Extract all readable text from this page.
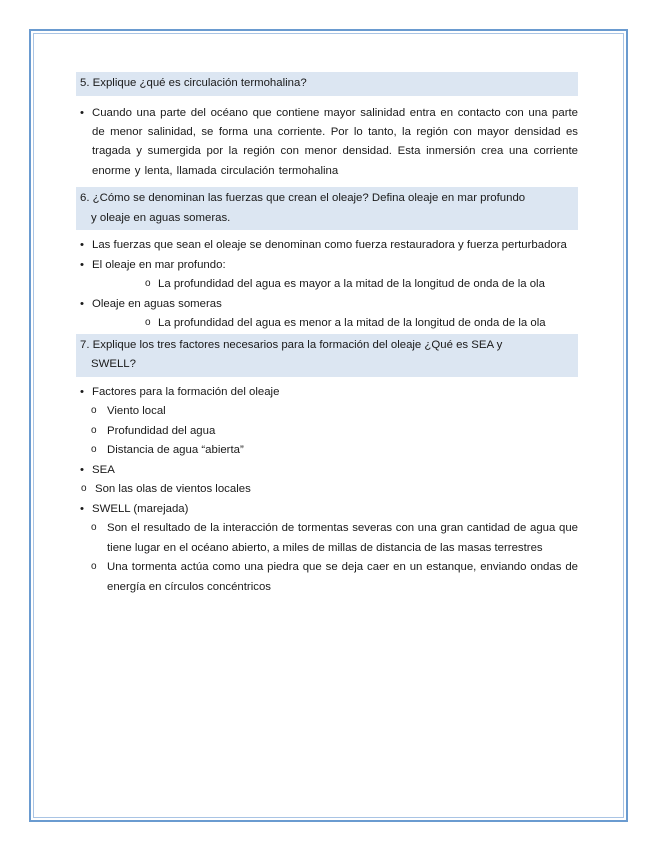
5. Explique ¿qué es circulación termohalina?
• Cuando una parte del océano que contiene mayor salinidad entra en contacto con una parte de menor salinidad, se forma una corriente. Por lo tanto, la región con mayor densidad es tragada y sumergida por la región con menor densidad. Esta inmersión crea una corriente enorme y lenta, llamada circulación termohalina
6. ¿Cómo se denominan las fuerzas que crean el oleaje? Defina oleaje en mar profundo
y oleaje en aguas someras.
• Las fuerzas que sean el oleaje se denominan como fuerza restauradora y fuerza perturbadora
• El oleaje en mar profundo:
o La profundidad del agua es mayor a la mitad de la longitud de onda de la ola
• Oleaje en aguas someras
o La profundidad del agua es menor a la mitad de la longitud de onda de la ola
7. Explique los tres factores necesarios para la formación del oleaje ¿Qué es SEA y
SWELL?
• Factores para la formación del oleaje
o Viento local
o Profundidad del agua
o Distancia de agua “abierta”
• SEA
o Son las olas de vientos locales
• SWELL (marejada)
o Son el resultado de la interacción de tormentas severas con una gran cantidad de agua que tiene lugar en el océano abierto, a miles de millas de distancia de las masas terrestres
o Una tormenta actúa como una piedra que se deja caer en un estanque, enviando ondas de energía en círculos concéntricos
